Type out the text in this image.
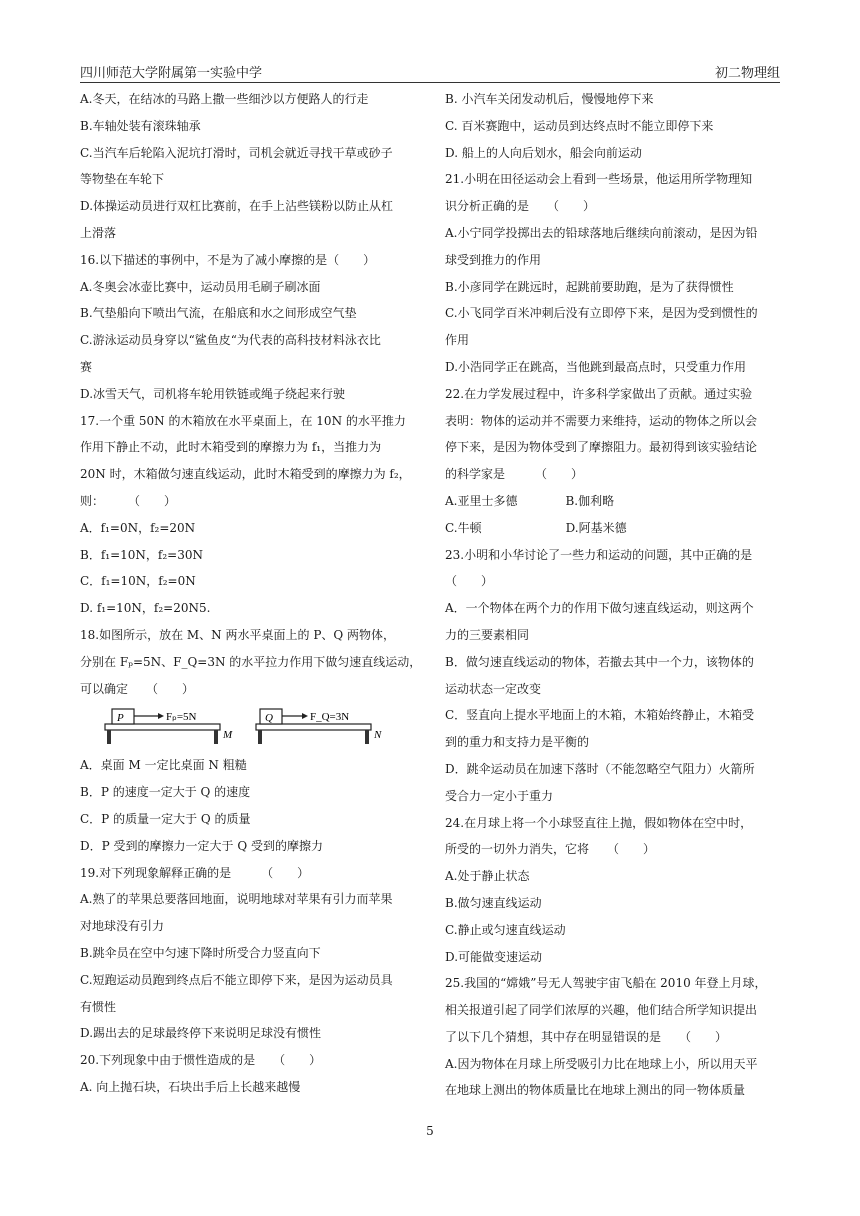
四川师范大学附属第一实验中学	初二物理组
A.冬天，在结冰的马路上撒一些细沙以方便路人的行走
B.车轴处装有滚珠轴承
C.当汽车后轮陷入泥坑打滑时，司机会就近寻找干草或砂子
等物垫在车轮下
D.体操运动员进行双杠比赛前，在手上沾些镁粉以防止从杠
上滑落
16.以下描述的事例中，不是为了减小摩擦的是（　　）
A.冬奥会冰壶比赛中，运动员用毛刷子刷冰面
B.气垫船向下喷出气流，在船底和水之间形成空气垫
C.游泳运动员身穿以“鲨鱼皮“为代表的高科技材料泳衣比
赛
D.冰雪天气，司机将车轮用铁链或绳子绕起来行驶
17.一个重 50N 的木箱放在水平桌面上，在 10N 的水平推力
作用下静止不动，此时木箱受到的摩擦力为 f₁，当推力为
20N 时，木箱做匀速直线运动，此时木箱受到的摩擦力为 f₂，
则：　　　（　　）
A．f₁=0N，f₂=20N
B．f₁=10N，f₂=30N
C．f₁=10N，f₂=0N
D. f₁=10N，f₂=20N5.
18.如图所示，放在 M、N 两水平桌面上的 P、Q 两物体，
分别在 Fₚ=5N、F_Q=3N 的水平拉力作用下做匀速直线运动，
可以确定　　（　　）
P	Fₚ=5N
M
Q	F_Q=3N
N
A．桌面 M 一定比桌面 N 粗糙
B．P 的速度一定大于 Q 的速度
C．P 的质量一定大于 Q 的质量
D．P 受到的摩擦力一定大于 Q 受到的摩擦力
19.对下列现象解释正确的是　　　（　　）
A.熟了的苹果总要落回地面，说明地球对苹果有引力而苹果
对地球没有引力
B.跳伞员在空中匀速下降时所受合力竖直向下
C.短跑运动员跑到终点后不能立即停下来，是因为运动员具
有惯性
D.踢出去的足球最终停下来说明足球没有惯性
20.下列现象中由于惯性造成的是　　（　　）
A. 向上抛石块，石块出手后上长越来越慢
B. 小汽车关闭发动机后，慢慢地停下来
C. 百米赛跑中，运动员到达终点时不能立即停下来
D. 船上的人向后划水，船会向前运动
21.小明在田径运动会上看到一些场景，他运用所学物理知
识分析正确的是　　（　　）
A.小宁同学投掷出去的铅球落地后继续向前滚动，是因为铅
球受到推力的作用
B.小彦同学在跳远时，起跳前要助跑，是为了获得惯性
C.小飞同学百米冲刺后没有立即停下来，是因为受到惯性的
作用
D.小浩同学正在跳高，当他跳到最高点时，只受重力作用
22.在力学发展过程中，许多科学家做出了贡献。通过实验
表明：物体的运动并不需要力来维持，运动的物体之所以会
停下来，是因为物体受到了摩擦阻力。最初得到该实验结论
的科学家是　　　（　　）
A.亚里士多德　　　　B.伽利略
C.牛顿　　　　　　　D.阿基米德
23.小明和小华讨论了一些力和运动的问题，其中正确的是
（　　）
A．一个物体在两个力的作用下做匀速直线运动，则这两个
力的三要素相同
B．做匀速直线运动的物体，若撤去其中一个力，该物体的
运动状态一定改变
C．竖直向上提水平地面上的木箱，木箱始终静止，木箱受
到的重力和支持力是平衡的
D．跳伞运动员在加速下落时（不能忽略空气阻力）火箭所
受合力一定小于重力
24.在月球上将一个小球竖直往上抛，假如物体在空中时，
所受的一切外力消失，它将　　（　　）
A.处于静止状态
B.做匀速直线运动
C.静止或匀速直线运动
D.可能做变速运动
25.我国的“嫦娥”号无人驾驶宇宙飞船在 2010 年登上月球，
相关报道引起了同学们浓厚的兴趣，他们结合所学知识提出
了以下几个猜想，其中存在明显错误的是　　（　　）
A.因为物体在月球上所受吸引力比在地球上小，所以用天平
在地球上测出的物体质量比在地球上测出的同一物体质量
5
